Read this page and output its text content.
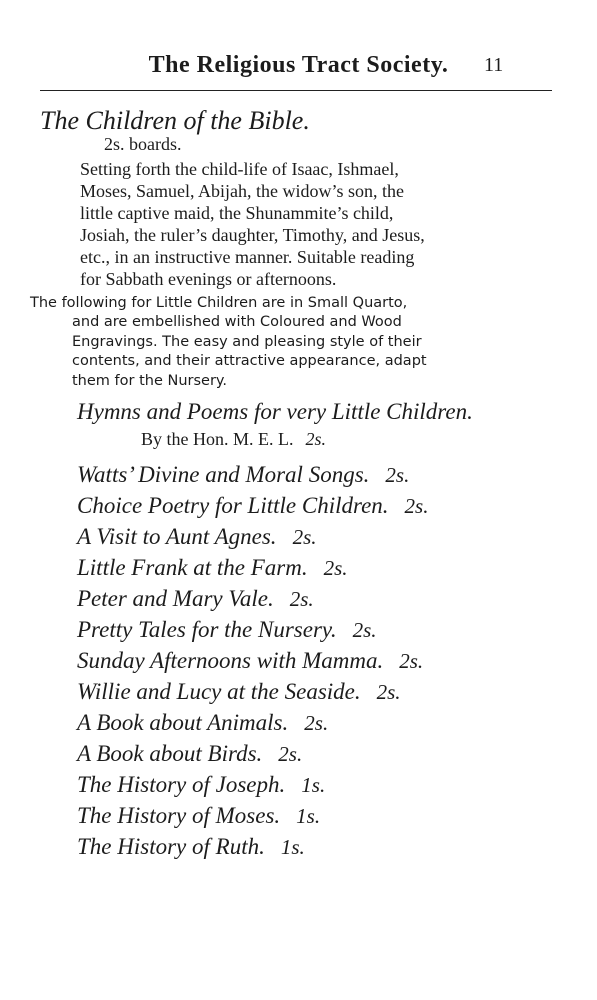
The Religious Tract Society.	11
The Children of the Bible.
2s. boards.
Setting forth the child-life of Isaac, Ishmael,
Moses, Samuel, Abijah, the widow’s son, the
little captive maid, the Shunammite’s child,
Josiah, the ruler’s daughter, Timothy, and Jesus,
etc., in an instructive manner. Suitable reading
for Sabbath evenings or afternoons.
The following for Little Children are in Small Quarto,
and are embellished with Coloured and Wood
Engravings. The easy and pleasing style of their
contents, and their attractive appearance, adapt
them for the Nursery.
Hymns and Poems for very Little Children.
By the Hon. M. E. L. 2s.
Watts’ Divine and Moral Songs. 2s.
Choice Poetry for Little Children. 2s.
A Visit to Aunt Agnes. 2s.
Little Frank at the Farm. 2s.
Peter and Mary Vale. 2s.
Pretty Tales for the Nursery. 2s.
Sunday Afternoons with Mamma. 2s.
Willie and Lucy at the Seaside. 2s.
A Book about Animals. 2s.
A Book about Birds. 2s.
The History of Joseph. 1s.
The History of Moses. 1s.
The History of Ruth. 1s.
